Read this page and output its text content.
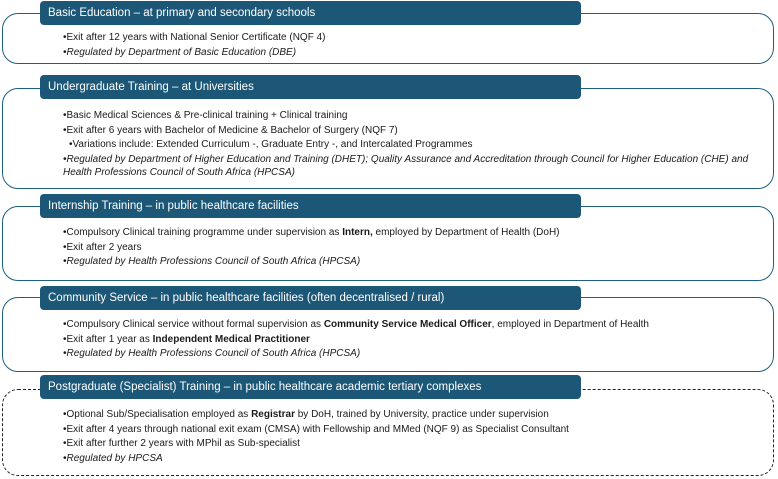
Basic Education – at primary and secondary schools
•Exit after 12 years with National Senior Certificate (NQF 4)
•Regulated by Department of Basic Education (DBE)
Undergraduate Training – at Universities
•Basic Medical Sciences & Pre-clinical training + Clinical training
•Exit after 6 years with Bachelor of Medicine & Bachelor of Surgery (NQF 7)
•Variations include: Extended Curriculum -, Graduate Entry -, and Intercalated Programmes
•Regulated by Department of Higher Education and Training (DHET); Quality Assurance and Accreditation through Council for Higher Education (CHE) and Health Professions Council of South Africa (HPCSA)
Internship Training – in public healthcare facilities
•Compulsory Clinical training programme under supervision as Intern, employed by Department of Health (DoH)
•Exit after 2 years
•Regulated by Health Professions Council of South Africa (HPCSA)
Community Service – in public healthcare facilities (often decentralised / rural)
•Compulsory Clinical service without formal supervision as Community Service Medical Officer, employed in Department of Health
•Exit after 1 year as Independent Medical Practitioner
•Regulated by Health Professions Council of South Africa (HPCSA)
Postgraduate (Specialist) Training – in public healthcare academic tertiary complexes
•Optional Sub/Specialisation employed as Registrar by DoH, trained by University, practice under supervision
•Exit after 4 years through national exit exam (CMSA) with Fellowship and MMed (NQF 9) as Specialist Consultant
•Exit after further 2 years with MPhil as Sub-specialist
•Regulated by HPCSA
